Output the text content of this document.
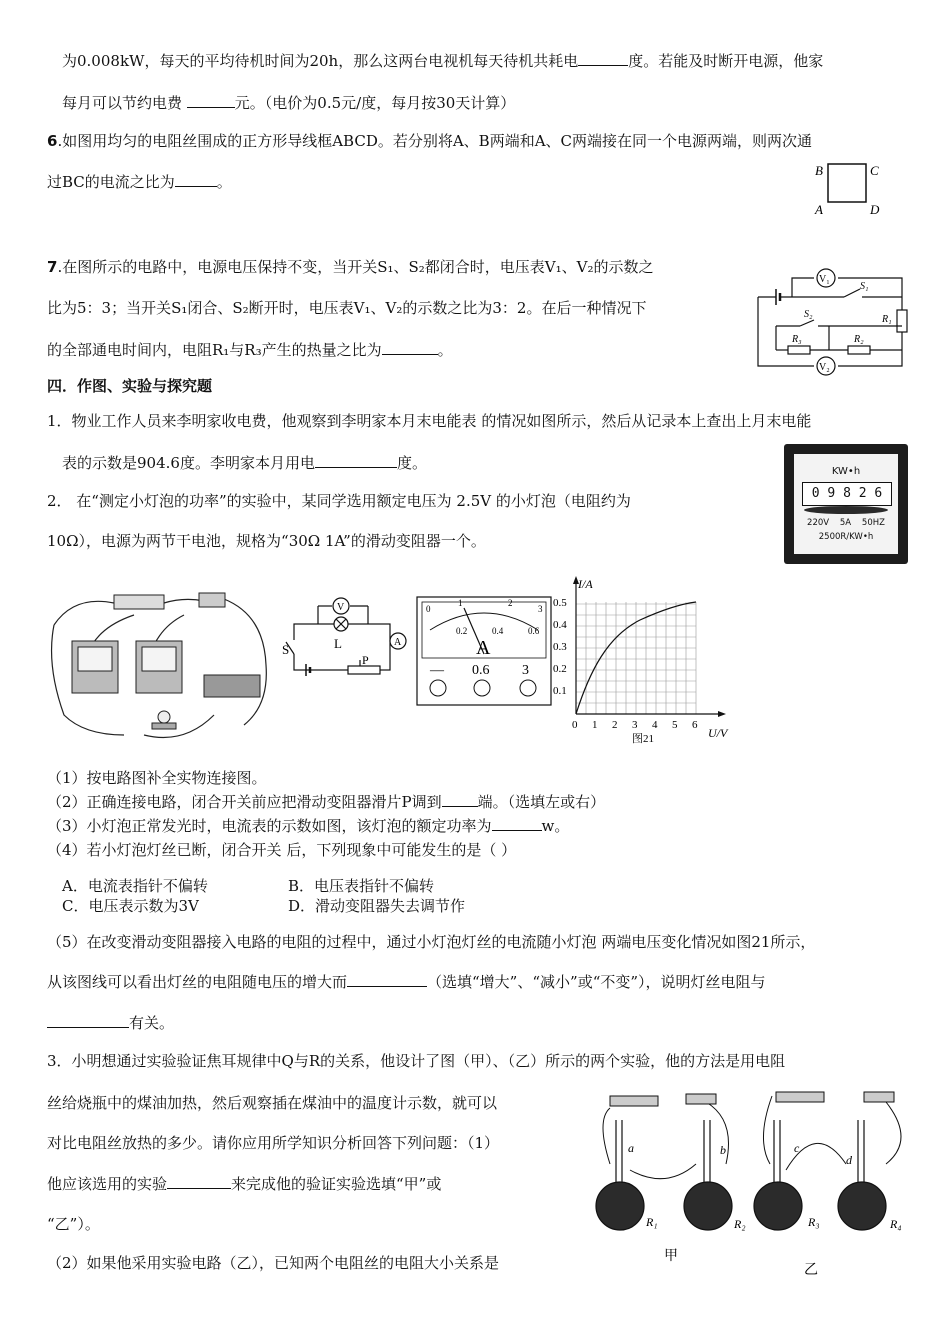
为0.008kW，每天的平均待机时间为20h，那么这两台电视机每天待机共耗电	度。若能及时断开电源，他家
每月可以节约电费	元。（电价为0.5元/度，每月按30天计算）
6.如图用均匀的电阻丝围成的正方形导线框ABCD。若分别将A、B两端和A、C两端接在同一个电源两端，则两次通
过BC的电流之比为	。
B	C
A	D
7.在图所示的电路中，电源电压保持不变，当开关S₁、S₂都闭合时，电压表V₁、V₂的示数之
比为5：3；当开关S₁闭合、S₂断开时，电压表V₁、V₂的示数之比为3：2。在后一种情况下
的全部通电时间内，电阻R₁与R₃产生的热量之比为	。
V₁
V₂
S₁
S₂	R₁
R₂
R₃
四．作图、实验与探究题
1．物业工作人员来李明家收电费，他观察到李明家本月末电能表 的情况如图所示，然后从记录本上查出上月末电能
表的示数是904.6度。李明家本月用电	度。	KW•h
0 9 8 2 6
220V    5A    50HZ
2500R/KW•h
2． 在“测定小灯泡的功率”的实验中，某同学选用额定电压为 2.5V 的小灯泡（电阻约为
10Ω），电源为两节干电池，规格为“30Ω 1A”的滑动变阻器一个。
V
A
S	L
P
0
1	2
3
0.2	0.4	0.6
A
— 0.6 3
I/A
U/V
0.5
0.4
0.3
0.2
0.1
0 1 2 3 4 5 6
图21
（1）按电路图补全实物连接图。
（2）正确连接电路，闭合开关前应把滑动变阻器滑片P调到 端。（选填左或右）
（3）小灯泡正常发光时，电流表的示数如图，该灯泡的额定功率为	w。
（4）若小灯泡灯丝已断，闭合开关 后，下列现象中可能发生的是（ ）
A．电流表指针不偏转	B．电压表指针不偏转
C．电压表示数为3V	D．滑动变阻器失去调节作
（5）在改变滑动变阻器接入电路的电阻的过程中，通过小灯泡灯丝的电流随小灯泡 两端电压变化情况如图21所示，
从该图线可以看出灯丝的电阻随电压的增大而	（选填“增大”、“减小”或“不变”），说明灯丝电阻与
有关。
3．小明想通过实验验证焦耳规律中Q与R的关系，他设计了图（甲）、（乙）所示的两个实验，他的方法是用电阻
丝给烧瓶中的煤油加热，然后观察插在煤油中的温度计示数，就可以
对比电阻丝放热的多少。请你应用所学知识分析回答下列问题：（1）
他应该选用的实验	来完成他的验证实验选填“甲”或
“乙”）。
（2）如果他采用实验电路（乙），已知两个电阻丝的电阻大小关系是
a	b	c
d
R₁	R₂	R₃	R₄
甲
乙
